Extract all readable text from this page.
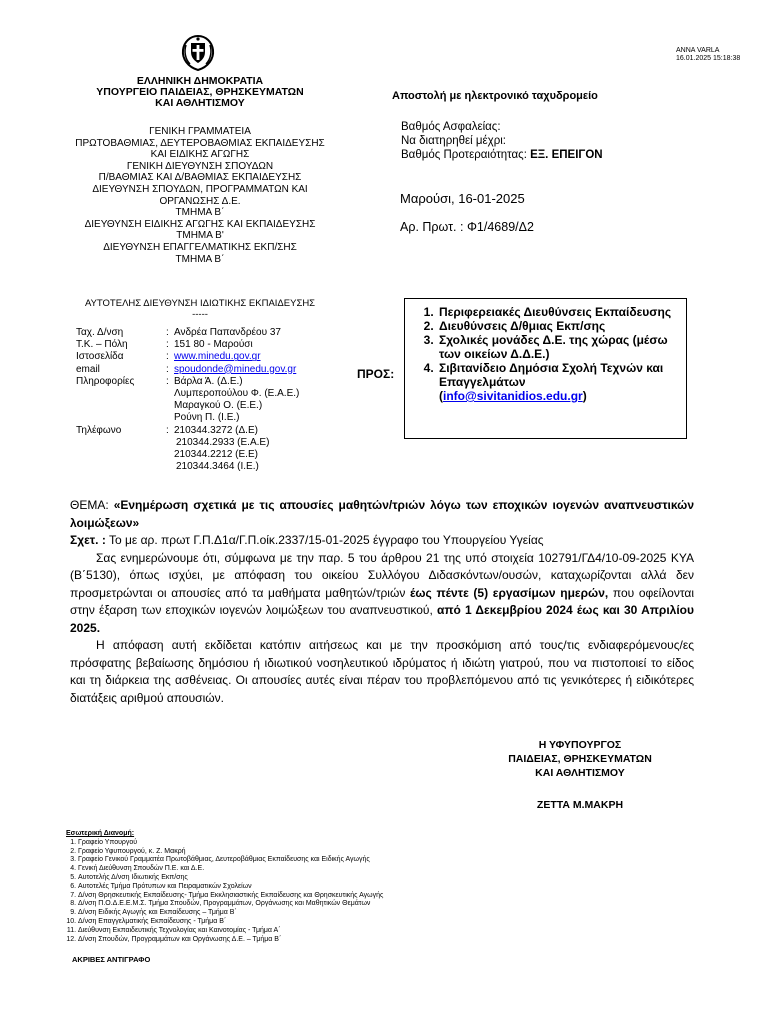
ANNA VARLA
16.01.2025 15:18:38
ΕΛΛΗΝΙΚΗ ΔΗΜΟΚΡΑΤΙΑ
ΥΠΟΥΡΓΕΙΟ ΠΑΙΔΕΙΑΣ, ΘΡΗΣΚΕΥΜΑΤΩΝ
ΚΑΙ ΑΘΛΗΤΙΣΜΟΥ
ΓΕΝΙΚΗ ΓΡΑΜΜΑΤΕΙΑ
ΠΡΩΤΟΒΑΘΜΙΑΣ, ΔΕΥΤΕΡΟΒΑΘΜΙΑΣ ΕΚΠΑΙΔΕΥΣΗΣ
ΚΑΙ ΕΙΔΙΚΗΣ ΑΓΩΓΗΣ
ΓΕΝΙΚΗ ΔΙΕΥΘΥΝΣΗ ΣΠΟΥΔΩΝ
Π/ΒΑΘΜΙΑΣ ΚΑΙ Δ/ΒΑΘΜΙΑΣ ΕΚΠΑΙΔΕΥΣΗΣ
ΔΙΕΥΘΥΝΣΗ ΣΠΟΥΔΩΝ, ΠΡΟΓΡΑΜΜΑΤΩΝ ΚΑΙ
ΟΡΓΑΝΩΣΗΣ Δ.Ε.
ΤΜΗΜΑ Β΄
ΔΙΕΥΘΥΝΣΗ ΕΙΔΙΚΗΣ ΑΓΩΓΗΣ ΚΑΙ ΕΚΠΑΙΔΕΥΣΗΣ
ΤΜΗΜΑ Β'
ΔΙΕΥΘΥΝΣΗ ΕΠΑΓΓΕΛΜΑΤΙΚΗΣ ΕΚΠ/ΣΗΣ
ΤΜΗΜΑ Β΄
ΑΥΤΟΤΕΛΗΣ ΔΙΕΥΘΥΝΣΗ ΙΔΙΩΤΙΚΗΣ ΕΚΠΑΙΔΕΥΣΗΣ
-----
Ταχ. Δ/νση	:	Ανδρέα Παπανδρέου 37
Τ.Κ. – Πόλη	:	151 80 - Μαρούσι
Ιστοσελίδα	:	www.minedu.gov.gr
email	:	spoudonde@minedu.gov.gr
Πληροφορίες	:	Βάρλα Ά. (Δ.Ε.)
		Λυμπεροπούλου Φ. (Ε.Α.Ε.)
		Μαραγκού Ο. (Ε.Ε.)
		Ρούνη Π. (Ι.Ε.)
Τηλέφωνο	:	210344.3272 (Δ.Ε)
		210344.2933 (Ε.Α.Ε)
		210344.2212 (Ε.Ε)
		210344.3464 (Ι.Ε.)
Αποστολή με ηλεκτρονικό ταχυδρομείο
Βαθμός Ασφαλείας:
Να διατηρηθεί μέχρι:
Βαθμός Προτεραιότητας: ΕΞ. ΕΠΕΙΓΟΝ
Μαρούσι, 16-01-2025
Αρ. Πρωτ. : Φ1/4689/Δ2
ΠΡΟΣ:
1. Περιφερειακές Διευθύνσεις Εκπαίδευσης
2. Διευθύνσεις Δ/θμιας Εκπ/σης
3. Σχολικές μονάδες Δ.Ε. της χώρας (μέσω των οικείων Δ.Δ.Ε.)
4. Σιβιτανίδειο Δημόσια Σχολή Τεχνών και Επαγγελμάτων
(info@sivitanidios.edu.gr)

ΘΕΜΑ: «Ενημέρωση σχετικά με τις απουσίες μαθητών/τριών λόγω των εποχικών ιογενών αναπνευστικών λοιμώξεων»

Σχετ. : Το με αρ. πρωτ Γ.Π.Δ1α/Γ.Π.οίκ.2337/15-01-2025 έγγραφο του Υπουργείου Υγείας

Σας ενημερώνουμε ότι, σύμφωνα με την παρ. 5 του άρθρου 21 της υπό στοιχεία 102791/ΓΔ4/10-09-2025 ΚΥΑ (Β΄5130), όπως ισχύει, με απόφαση του οικείου Συλλόγου Διδασκόντων/ουσών, καταχωρίζονται αλλά δεν προσμετρώνται οι απουσίες από τα μαθήματα μαθητών/τριών έως πέντε (5) εργασίμων ημερών, που οφείλονται στην έξαρση των εποχικών ιογενών λοιμώξεων του αναπνευστικού, από 1 Δεκεμβρίου 2024 έως και 30 Απριλίου 2025.

Η απόφαση αυτή εκδίδεται κατόπιν αιτήσεως και με την προσκόμιση από τους/τις ενδιαφερόμενους/ες πρόσφατης βεβαίωσης δημόσιου ή ιδιωτικού νοσηλευτικού ιδρύματος ή ιδιώτη γιατρού, που να πιστοποιεί το είδος και τη διάρκεια της ασθένειας. Οι απουσίες αυτές είναι πέραν του προβλεπόμενου από τις γενικότερες ή ειδικότερες διατάξεις αριθμού απουσιών.

Η ΥΦΥΠΟΥΡΓΟΣ
ΠΑΙΔΕΙΑΣ, ΘΡΗΣΚΕΥΜΑΤΩΝ
ΚΑΙ ΑΘΛΗΤΙΣΜΟΥ
ΖΕΤΤΑ Μ.ΜΑΚΡΗ
Εσωτερική Διανομή:
1. Γραφείο Υπουργού
2. Γραφείο Υφυπουργού, κ. Ζ. Μακρή
3. Γραφείο Γενικού Γραμματέα Πρωτοβάθμιας, Δευτεροβάθμιας Εκπαίδευσης και Ειδικής Αγωγής
4. Γενική Διεύθυνση Σπουδών Π.Ε. και Δ.Ε.
5. Αυτοτελής Δ/νση Ιδιωτικής Εκπ/σης
6. Αυτοτελές Τμήμα Πρότυπων και Πειραματικών Σχολείων
7. Δ/νση Θρησκευτικής Εκπαίδευσης- Τμήμα Εκκλησιαστικής Εκπαίδευσης και Θρησκευτικής Αγωγής
8. Δ/νση Π.Ο.Δ.Ε.Ε.Μ.Σ. Τμήμα Σπουδών, Προγραμμάτων, Οργάνωσης και Μαθητικών Θεμάτων
9. Δ/νση Ειδικής Αγωγής και Εκπαίδευσης – Τμήμα Β΄
10. Δ/νση Επαγγελματικής Εκπαίδευσης - Τμήμα Β΄
11. Διεύθυνση Εκπαιδευτικής Τεχνολογίας και Καινοτομίας - Τμήμα Α΄
12. Δ/νση Σπουδών, Προγραμμάτων και Οργάνωσης Δ.Ε. – Τμήμα Β΄
ΑΚΡΙΒΕΣ ΑΝΤΙΓΡΑΦΟ
